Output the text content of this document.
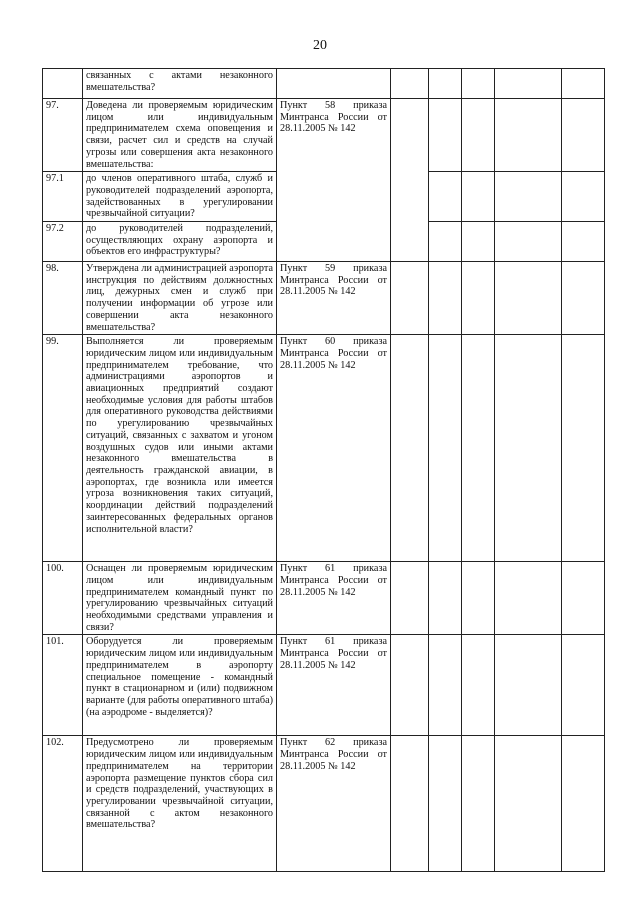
20
	связанных с актами незаконного вмешательства?						
97.	Доведена ли проверяемым юридическим лицом или индивидуальным предпринимателем схема оповещения и связи, расчет сил и средств на случай угрозы или совершения акта незаконного вмешательства:	Пункт 58 приказа Минтранса России от 28.11.2005 № 142					
97.1	до членов оперативного штаба, служб и руководителей подразделений аэропорта, задействованных в урегулировании чрезвычайной ситуации?						
97.2	до руководителей подразделений, осуществляющих охрану аэропорта и объектов его инфраструктуры?						
98.	Утверждена ли администрацией аэропорта инструкция по действиям должностных лиц, дежурных смен и служб при получении информации об угрозе или совершении акта незаконного вмешательства?	Пункт 59 приказа Минтранса России от 28.11.2005 № 142					
99.	Выполняется ли проверяемым юридическим лицом или индивидуальным предпринимателем требование, что администрациями аэропортов и авиационных предприятий создают необходимые условия для работы штабов для оперативного руководства действиями по урегулированию чрезвычайных ситуаций, связанных с захватом и угоном воздушных судов или иными актами незаконного вмешательства в деятельность гражданской авиации, в аэропортах, где возникла или имеется угроза возникновения таких ситуаций, координации действий подразделений заинтересованных федеральных органов исполнительной власти?	Пункт 60 приказа Минтранса России от 28.11.2005 № 142					
100.	Оснащен ли проверяемым юридическим лицом или индивидуальным предпринимателем командный пункт по урегулированию чрезвычайных ситуаций необходимыми средствами управления и связи?	Пункт 61 приказа Минтранса России от 28.11.2005 № 142					
101.	Оборудуется ли проверяемым юридическим лицом или индивидуальным предпринимателем в аэропорту специальное помещение - командный пункт в стационарном и (или) подвижном варианте (для работы оперативного штаба) (на аэродроме - выделяется)?	Пункт 61 приказа Минтранса России от 28.11.2005 № 142					
102.	Предусмотрено ли проверяемым юридическим лицом или индивидуальным предпринимателем на территории аэропорта размещение пунктов сбора сил и средств подразделений, участвующих в урегулировании чрезвычайной ситуации, связанной с актом незаконного вмешательства?	Пункт 62 приказа Минтранса России от 28.11.2005 № 142					
